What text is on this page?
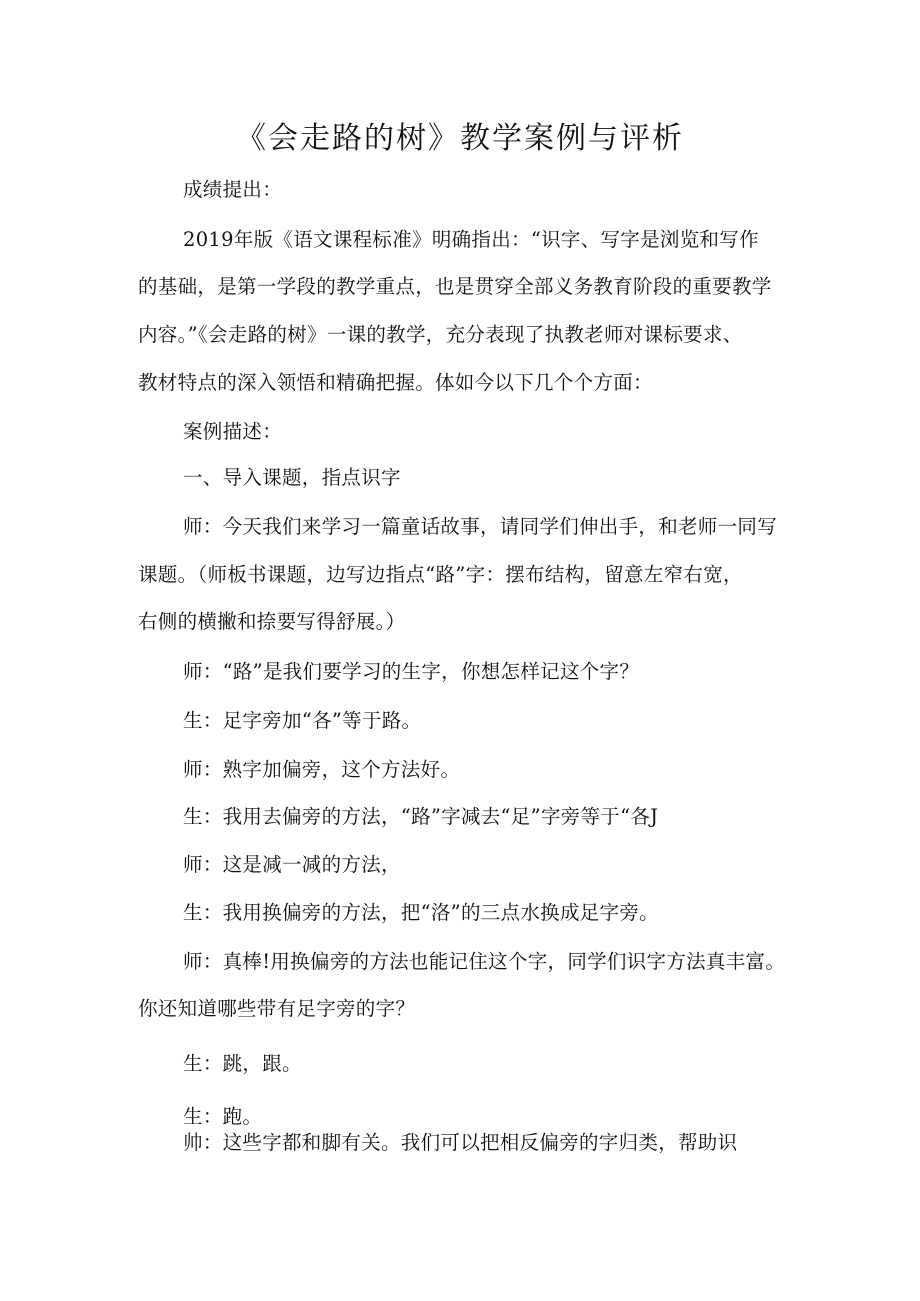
《会走路的树》教学案例与评析
成绩提出：
2019年版《语文课程标准》明确指出：“识字、写字是浏览和写作
的基础，是第一学段的教学重点，也是贯穿全部义务教育阶段的重要教学
内容。”《会走路的树》一课的教学，充分表现了执教老师对课标要求、
教材特点的深入领悟和精确把握。体如今以下几个个方面：
案例描述：
一、导入课题，指点识字
师：今天我们来学习一篇童话故事，请同学们伸出手，和老师一同写
课题。（师板书课题，边写边指点“路”字：摆布结构，留意左窄右宽，
右侧的横撇和捺要写得舒展。）
师：“路”是我们要学习的生字，你想怎样记这个字？
生：足字旁加“各”等于路。
师：熟字加偏旁，这个方法好。
生：我用去偏旁的方法，“路”字减去“足”字旁等于“各J
师：这是减一减的方法，
生：我用换偏旁的方法，把“洛”的三点水换成足字旁。
师：真棒!用换偏旁的方法也能记住这个字，同学们识字方法真丰富。
你还知道哪些带有足字旁的字？
生：跳，跟。
生：跑。
帅：这些字都和脚有关。我们可以把相反偏旁的字归类，帮助识
